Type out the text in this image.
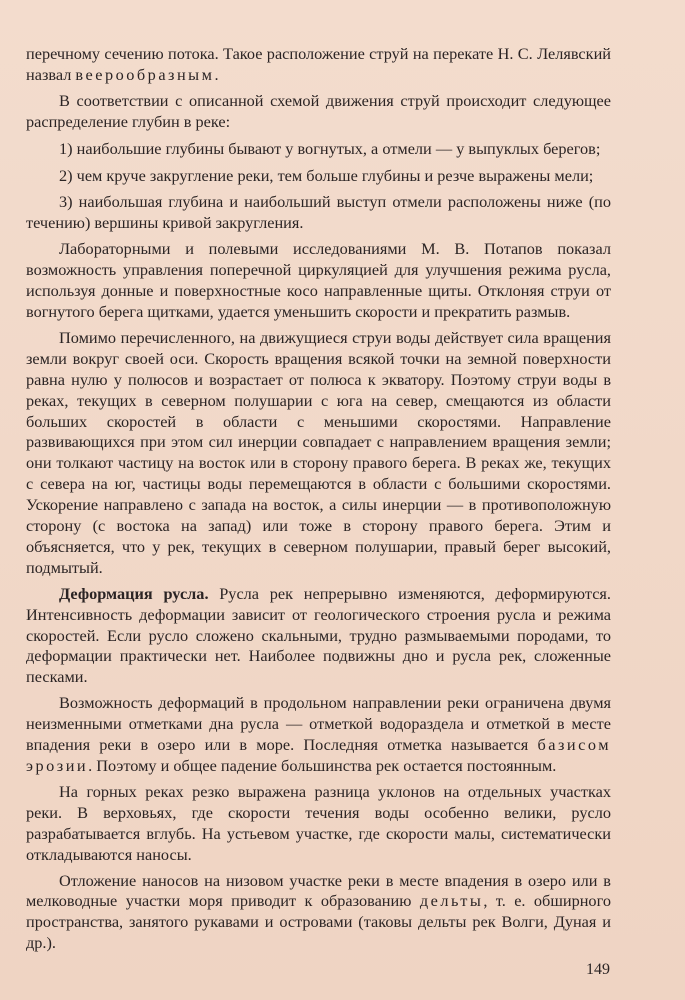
перечному сечению потока. Такое расположение струй на перекате Н. С. Лелявский назвал веерообразным.

В соответствии с описанной схемой движения струй происходит следующее распределение глубин в реке:

1) наибольшие глубины бывают у вогнутых, а отмели — у выпуклых берегов;

2) чем круче закругление реки, тем больше глубины и резче выражены мели;

3) наибольшая глубина и наибольший выступ отмели расположены ниже (по течению) вершины кривой закругления.

Лабораторными и полевыми исследованиями М. В. Потапов показал возможность управления поперечной циркуляцией для улучшения режима русла, используя донные и поверхностные косо направленные щиты. Отклоняя струи от вогнутого берега щитками, удается уменьшить скорости и прекратить размыв.

Помимо перечисленного, на движущиеся струи воды действует сила вращения земли вокруг своей оси. Скорость вращения всякой точки на земной поверхности равна нулю у полюсов и возрастает от полюса к экватору. Поэтому струи воды в реках, текущих в северном полушарии с юга на север, смещаются из области больших скоростей в области с меньшими скоростями. Направление развивающихся при этом сил инерции совпадает с направлением вращения земли; они толкают частицу на восток или в сторону правого берега. В реках же, текущих с севера на юг, частицы воды перемещаются в области с большими скоростями. Ускорение направлено с запада на восток, а силы инерции — в противоположную сторону (с востока на запад) или тоже в сторону правого берега. Этим и объясняется, что у рек, текущих в северном полушарии, правый берег высокий, подмытый.

Деформация русла. Русла рек непрерывно изменяются, деформируются. Интенсивность деформации зависит от геологического строения русла и режима скоростей. Если русло сложено скальными, трудно размываемыми породами, то деформации практически нет. Наиболее подвижны дно и русла рек, сложенные песками.

Возможность деформаций в продольном направлении реки ограничена двумя неизменными отметками дна русла — отметкой водораздела и отметкой в месте впадения реки в озеро или в море. Последняя отметка называется базисом эрозии. Поэтому и общее падение большинства рек остается постоянным.

На горных реках резко выражена разница уклонов на отдельных участках реки. В верховьях, где скорости течения воды особенно велики, русло разрабатывается вглубь. На устьевом участке, где скорости малы, систематически откладываются наносы.

Отложение наносов на низовом участке реки в месте впадения в озеро или в мелководные участки моря приводит к образованию дельты, т. е. обширного пространства, занятого рукавами и островами (таковы дельты рек Волги, Дуная и др.).

149
